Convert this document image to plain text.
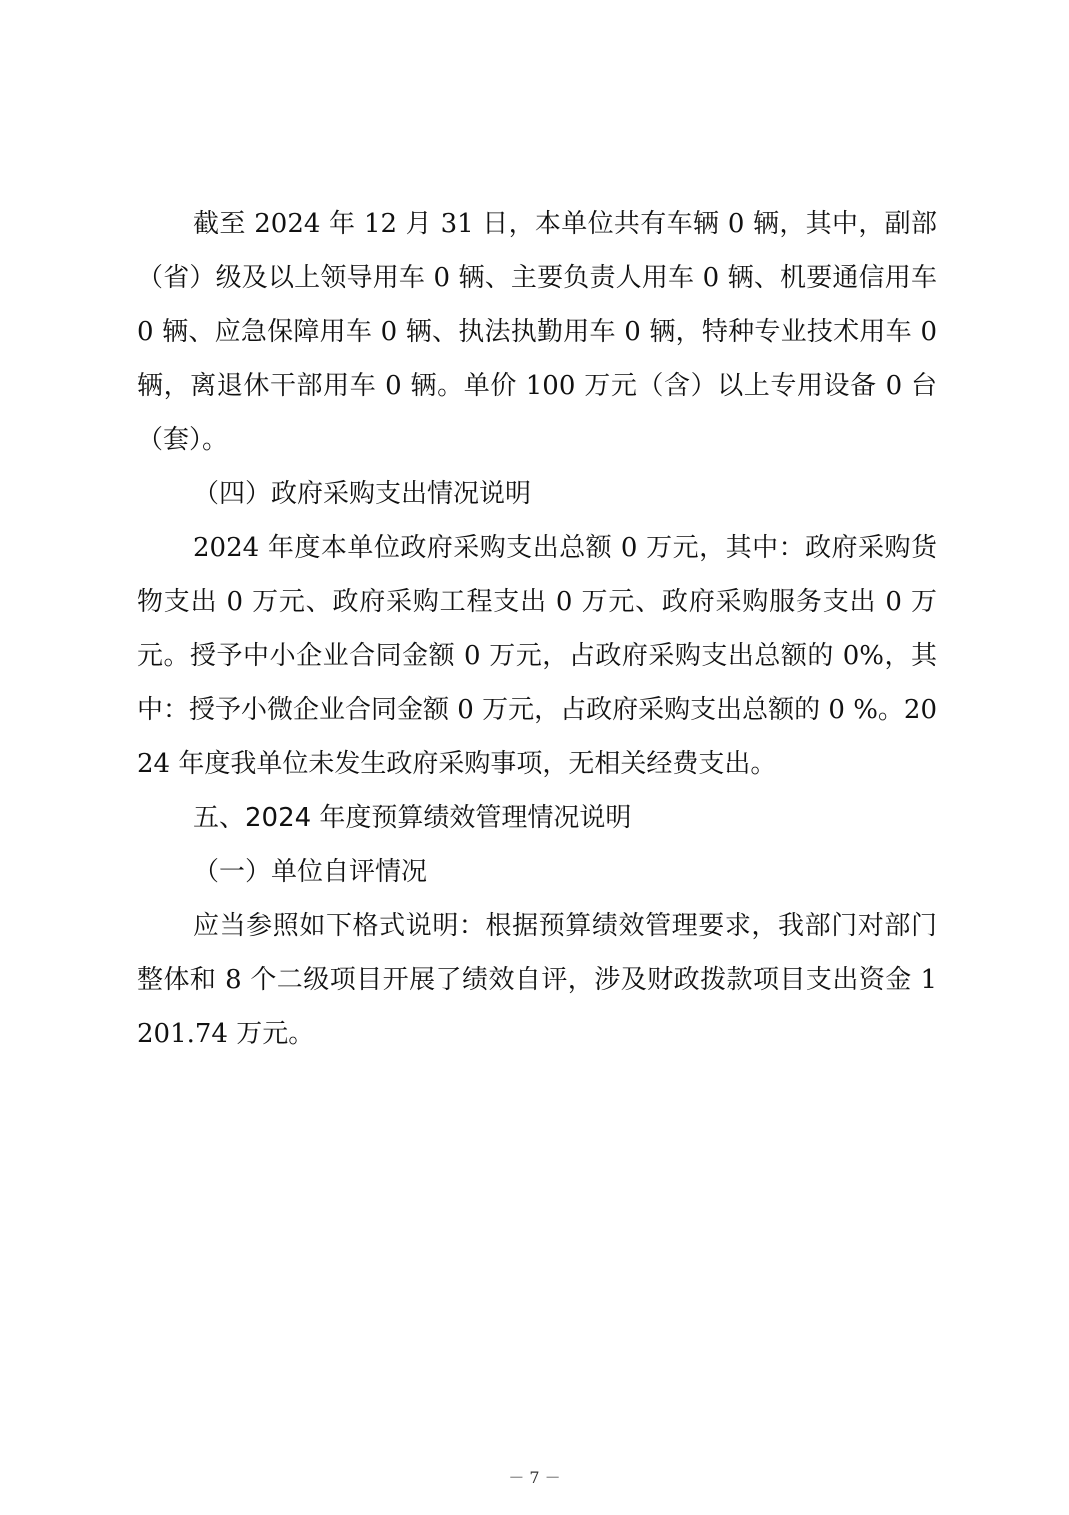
截至 2024 年 12 月 31 日，本单位共有车辆 0 辆，其中，副部（省）级及以上领导用车 0 辆、主要负责人用车 0 辆、机要通信用车 0 辆、应急保障用车 0 辆、执法执勤用车 0 辆，特种专业技术用车 0 辆，离退休干部用车 0 辆。单价 100 万元（含）以上专用设备 0 台（套）。

（四）政府采购支出情况说明

2024 年度本单位政府采购支出总额 0 万元，其中：政府采购货物支出 0 万元、政府采购工程支出 0 万元、政府采购服务支出 0 万元。授予中小企业合同金额 0 万元，占政府采购支出总额的 0%，其中：授予小微企业合同金额 0 万元，占政府采购支出总额的 0 %。2024 年度我单位未发生政府采购事项，无相关经费支出。

五、2024 年度预算绩效管理情况说明

（一）单位自评情况

应当参照如下格式说明：根据预算绩效管理要求，我部门对部门整体和 8 个二级项目开展了绩效自评，涉及财政拨款项目支出资金 1201.74 万元。

－ 7 －
